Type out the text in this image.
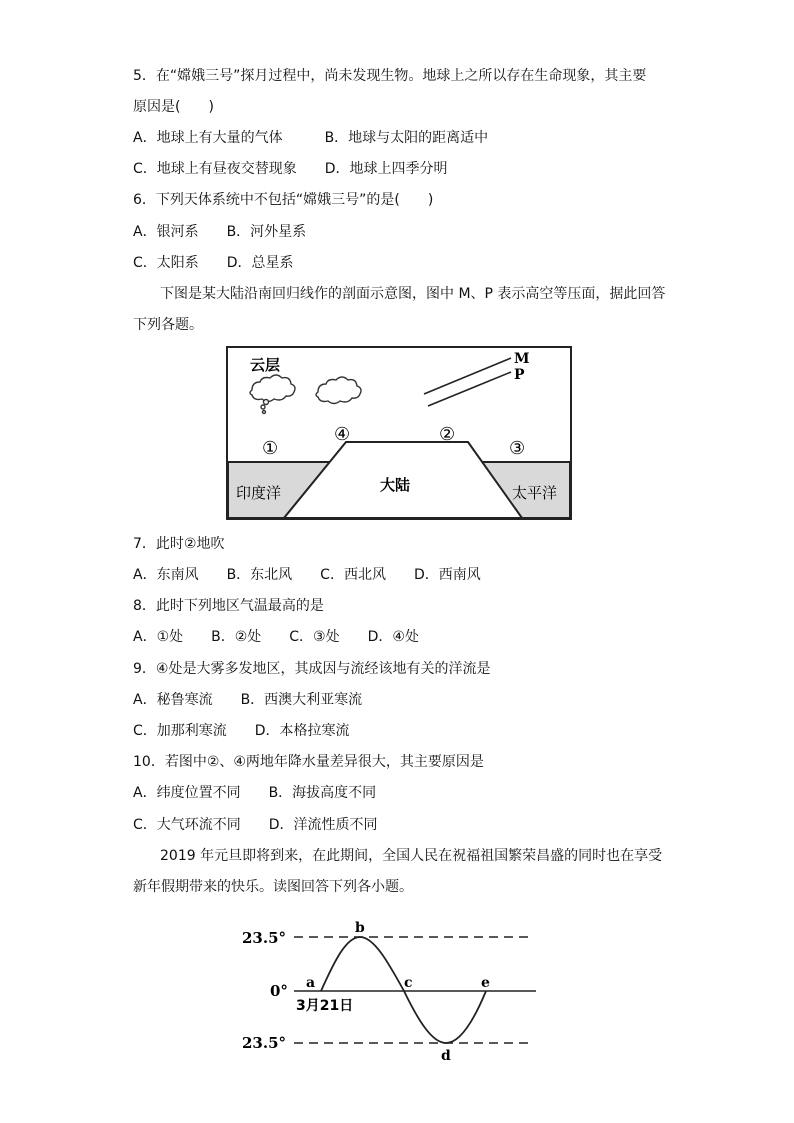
5．在“嫦娥三号”探月过程中，尚未发现生物。地球上之所以存在生命现象，其主要
原因是(　　)
A．地球上有大量的气体　　　B．地球与太阳的距离适中
C．地球上有昼夜交替现象　　D．地球上四季分明
6．下列天体系统中不包括“嫦娥三号”的是(　　)
A．银河系　　B．河外星系
C．太阳系　　D．总星系
下图是某大陆沿南回归线作的剖面示意图，图中 M、P 表示高空等压面，据此回答
下列各题。
云层	M
P
①
④	②
③
印度洋	大陆	太平洋
7．此时②地吹
A．东南风　　B．东北风　　C．西北风　　D．西南风
8．此时下列地区气温最高的是
A．①处　　B．②处　　C．③处　　D．④处
9．④处是大雾多发地区，其成因与流经该地有关的洋流是
A．秘鲁寒流　　B．西澳大利亚寒流
C．加那利寒流　　D．本格拉寒流
10．若图中②、④两地年降水量差异很大，其主要原因是
A．纬度位置不同　　B．海拔高度不同
C．大气环流不同　　D．洋流性质不同
2019 年元旦即将到来，在此期间，全国人民在祝福祖国繁荣昌盛的同时也在享受
新年假期带来的快乐。读图回答下列各小题。
23.5°
0°
23.5°
a
b
c
d
e
3月21日
